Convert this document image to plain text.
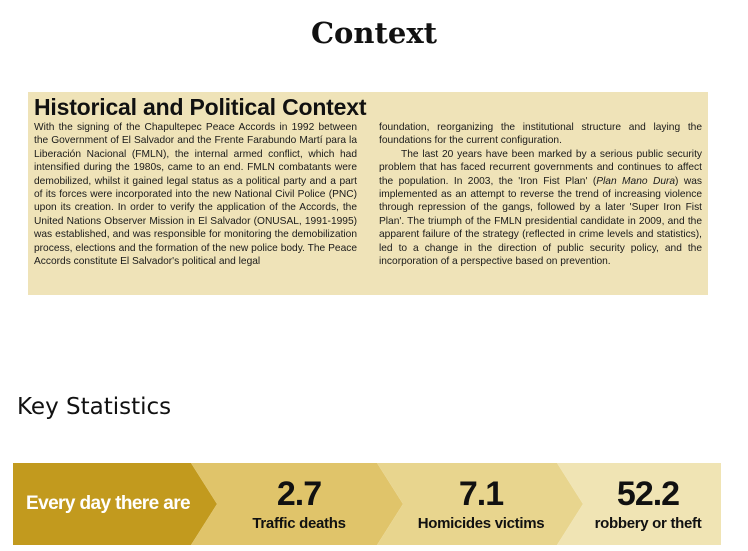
Context
Historical and Political Context

With the signing of the Chapultepec Peace Accords in 1992 between the Government of El Salvador and the Frente Farabundo Martí para la Liberación Nacional (FMLN), the internal armed conflict, which had intensified during the 1980s, came to an end. FMLN combatants were demobilized, whilst it gained legal status as a political party and a part of its forces were incorporated into the new National Civil Police (PNC) upon its creation. In order to verify the application of the Accords, the United Nations Observer Mission in El Salvador (ONUSAL, 1991-1995) was established, and was responsible for monitoring the demobilization process, elections and the formation of the new police body. The Peace Accords constitute El Salvador's political and legal

foundation, reorganizing the institutional structure and laying the foundations for the current configuration.

The last 20 years have been marked by a serious public security problem that has faced recurrent governments and continues to affect the population. In 2003, the 'Iron Fist Plan' (Plan Mano Dura) was implemented as an attempt to reverse the trend of increasing violence through repression of the gangs, followed by a later 'Super Iron Fist Plan'. The triumph of the FMLN presidential candidate in 2009, and the apparent failure of the strategy (reflected in crime levels and statistics), led to a change in the direction of public security policy, and the incorporation of a perspective based on prevention.

Key Statistics
Every day there are	2.7
Traffic deaths
7.1
Homicides victims
52.2
robbery or theft
